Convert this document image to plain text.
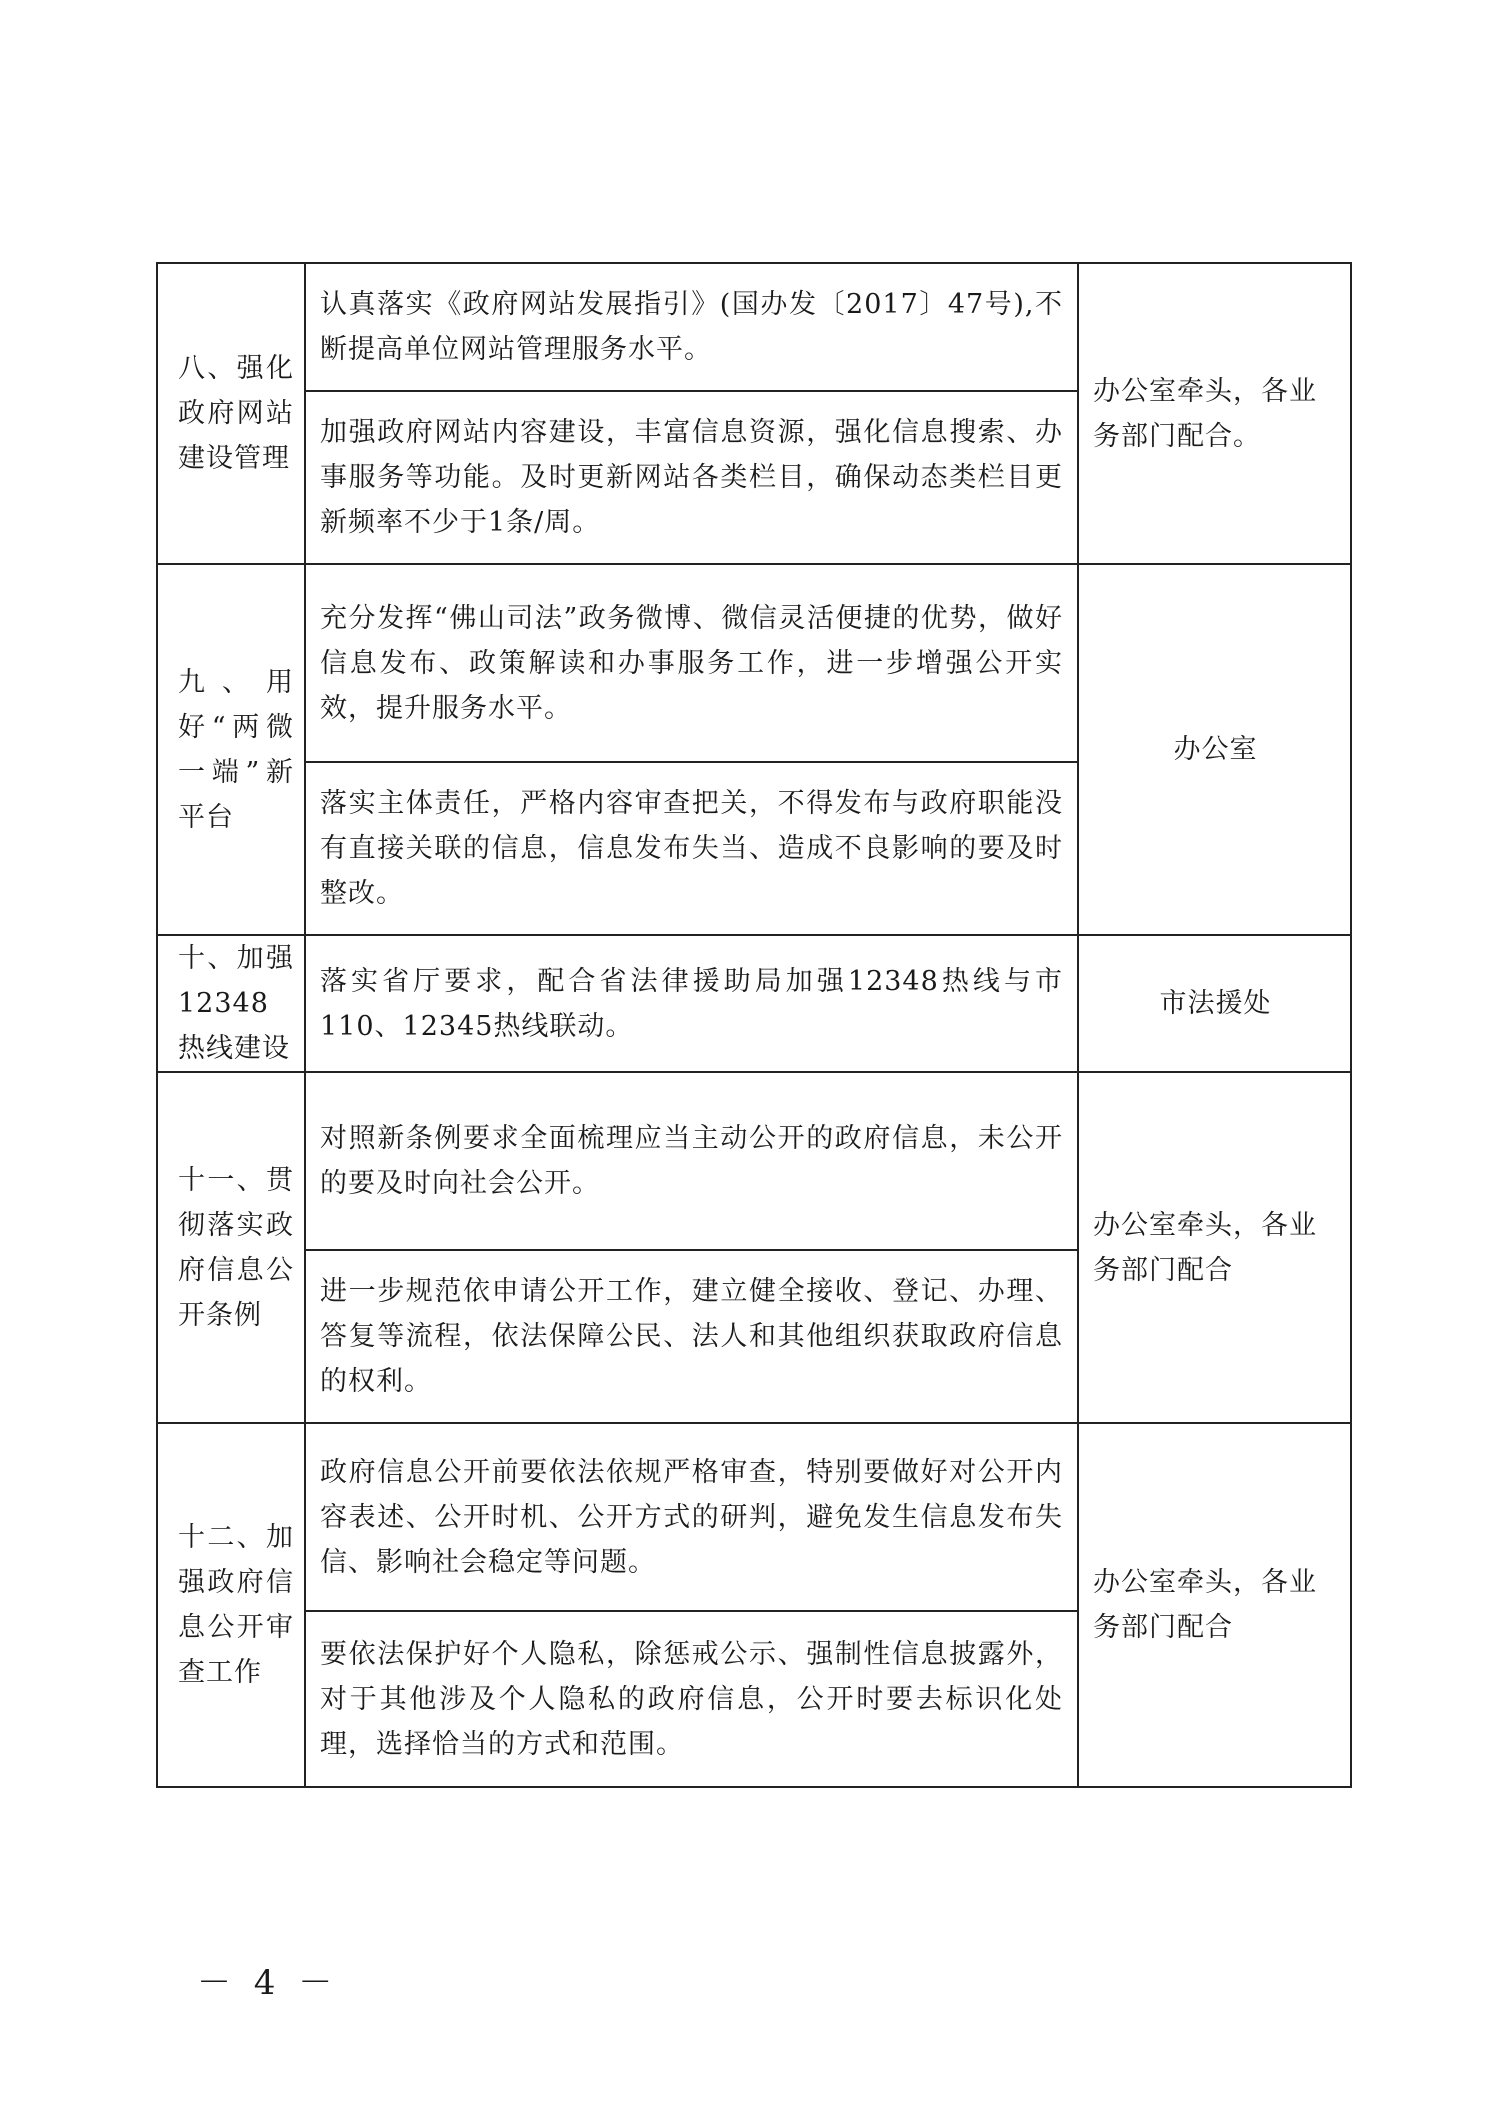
八、强化政府网站建设管理	认真落实《政府网站发展指引》(国办发〔2017〕47号),不断提高单位网站管理服务水平。	办公室牵头，各业务部门配合。
	加强政府网站内容建设，丰富信息资源，强化信息搜索、办事服务等功能。及时更新网站各类栏目，确保动态类栏目更新频率不少于1条/周。	
九、用好“两微一端”新平台	充分发挥“佛山司法”政务微博、微信灵活便捷的优势，做好信息发布、政策解读和办事服务工作，进一步增强公开实效，提升服务水平。	办公室
	落实主体责任，严格内容审查把关，不得发布与政府职能没有直接关联的信息，信息发布失当、造成不良影响的要及时整改。	
十、加强12348热线建设	落实省厅要求，配合省法律援助局加强12348热线与市110、12345热线联动。	市法援处
十一、贯彻落实政府信息公开条例	对照新条例要求全面梳理应当主动公开的政府信息，未公开的要及时向社会公开。	办公室牵头，各业务部门配合
	进一步规范依申请公开工作，建立健全接收、登记、办理、答复等流程，依法保障公民、法人和其他组织获取政府信息的权利。	
十二、加强政府信息公开审查工作	政府信息公开前要依法依规严格审查，特别要做好对公开内容表述、公开时机、公开方式的研判，避免发生信息发布失信、影响社会稳定等问题。	办公室牵头，各业务部门配合
	要依法保护好个人隐私，除惩戒公示、强制性信息披露外，对于其他涉及个人隐私的政府信息，公开时要去标识化处理，选择恰当的方式和范围。	
－ 4 －
